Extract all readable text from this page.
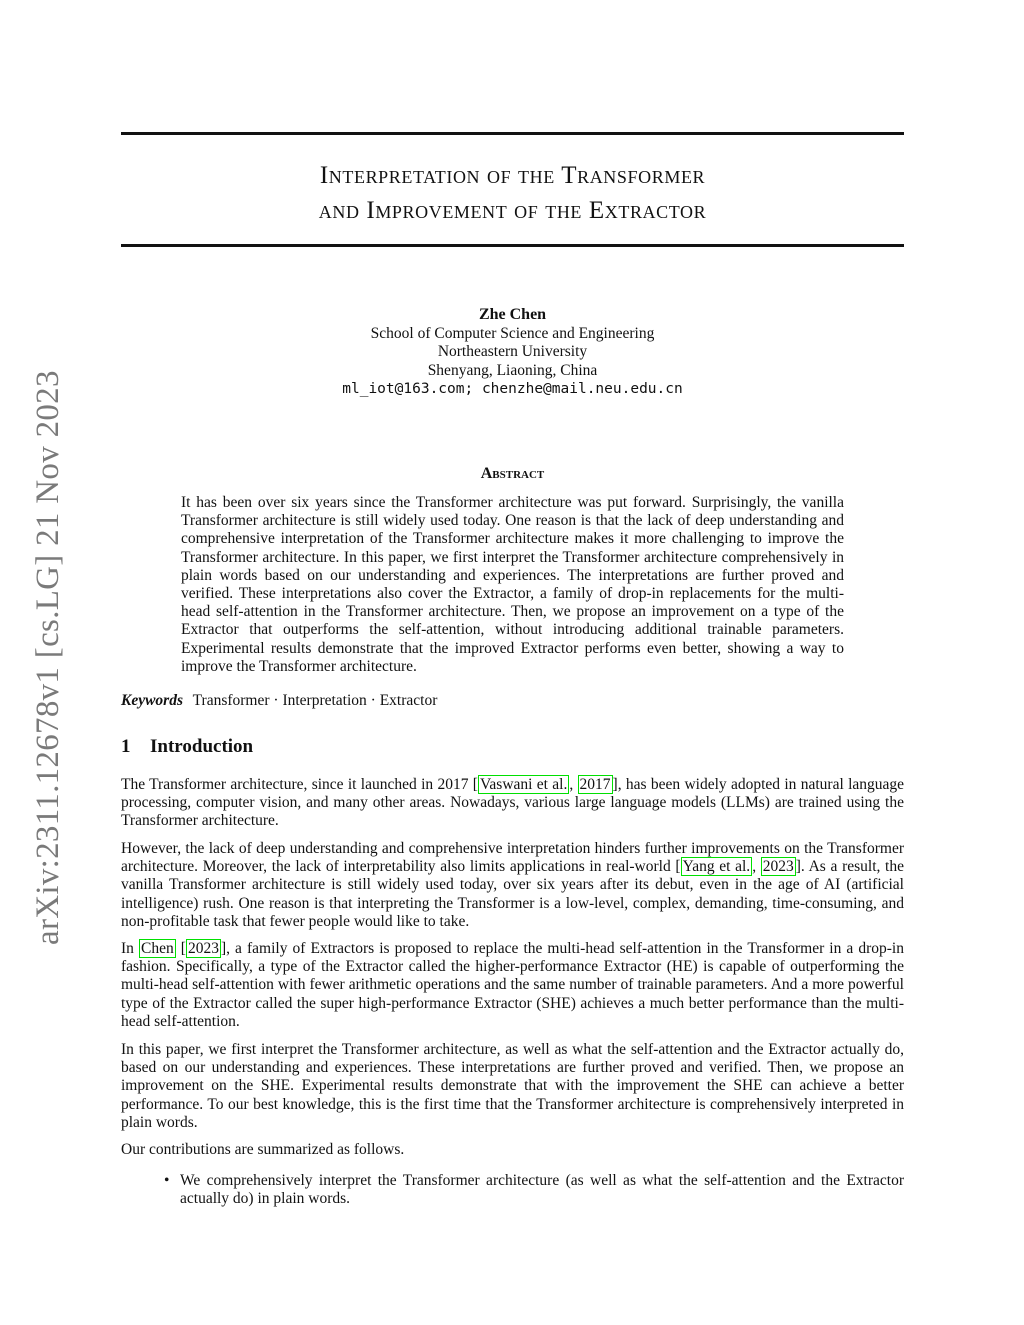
arXiv:2311.12678v1 [cs.LG] 21 Nov 2023
Interpretation of the Transformer
and Improvement of the Extractor
Zhe Chen
School of Computer Science and Engineering
Northeastern University
Shenyang, Liaoning, China
ml_iot@163.com; chenzhe@mail.neu.edu.cn
Abstract
It has been over six years since the Transformer architecture was put forward. Surprisingly, the vanilla Transformer architecture is still widely used today. One reason is that the lack of deep understanding and comprehensive interpretation of the Transformer architecture makes it more challenging to improve the Transformer architecture. In this paper, we first interpret the Transformer architecture comprehensively in plain words based on our understanding and experiences. The interpretations are further proved and verified. These interpretations also cover the Extractor, a family of drop-in replacements for the multi-head self-attention in the Transformer architecture. Then, we propose an improvement on a type of the Extractor that outperforms the self-attention, without introducing additional trainable parameters. Experimental results demonstrate that the improved Extractor performs even better, showing a way to improve the Transformer architecture.
Keywords Transformer · Interpretation · Extractor
1 Introduction
The Transformer architecture, since it launched in 2017 [ Vaswani et al. , 2017 ], has been widely adopted in natural language processing, computer vision, and many other areas. Nowadays, various large language models (LLMs) are trained using the Transformer architecture.
However, the lack of deep understanding and comprehensive interpretation hinders further improvements on the Transformer architecture. Moreover, the lack of interpretability also limits applications in real-world [ Yang et al. , 2023 ]. As a result, the vanilla Transformer architecture is still widely used today, over six years after its debut, even in the age of AI (artificial intelligence) rush. One reason is that interpreting the Transformer is a low-level, complex, demanding, time-consuming, and non-profitable task that fewer people would like to take.
In Chen [ 2023 ], a family of Extractors is proposed to replace the multi-head self-attention in the Transformer in a drop-in fashion. Specifically, a type of the Extractor called the higher-performance Extractor (HE) is capable of outperforming the multi-head self-attention with fewer arithmetic operations and the same number of trainable parameters. And a more powerful type of the Extractor called the super high-performance Extractor (SHE) achieves a much better performance than the multi-head self-attention.
In this paper, we first interpret the Transformer architecture, as well as what the self-attention and the Extractor actually do, based on our understanding and experiences. These interpretations are further proved and verified. Then, we propose an improvement on the SHE. Experimental results demonstrate that with the improvement the SHE can achieve a better performance. To our best knowledge, this is the first time that the Transformer architecture is comprehensively interpreted in plain words.
Our contributions are summarized as follows.
• We comprehensively interpret the Transformer architecture (as well as what the self-attention and the Extractor actually do) in plain words.
